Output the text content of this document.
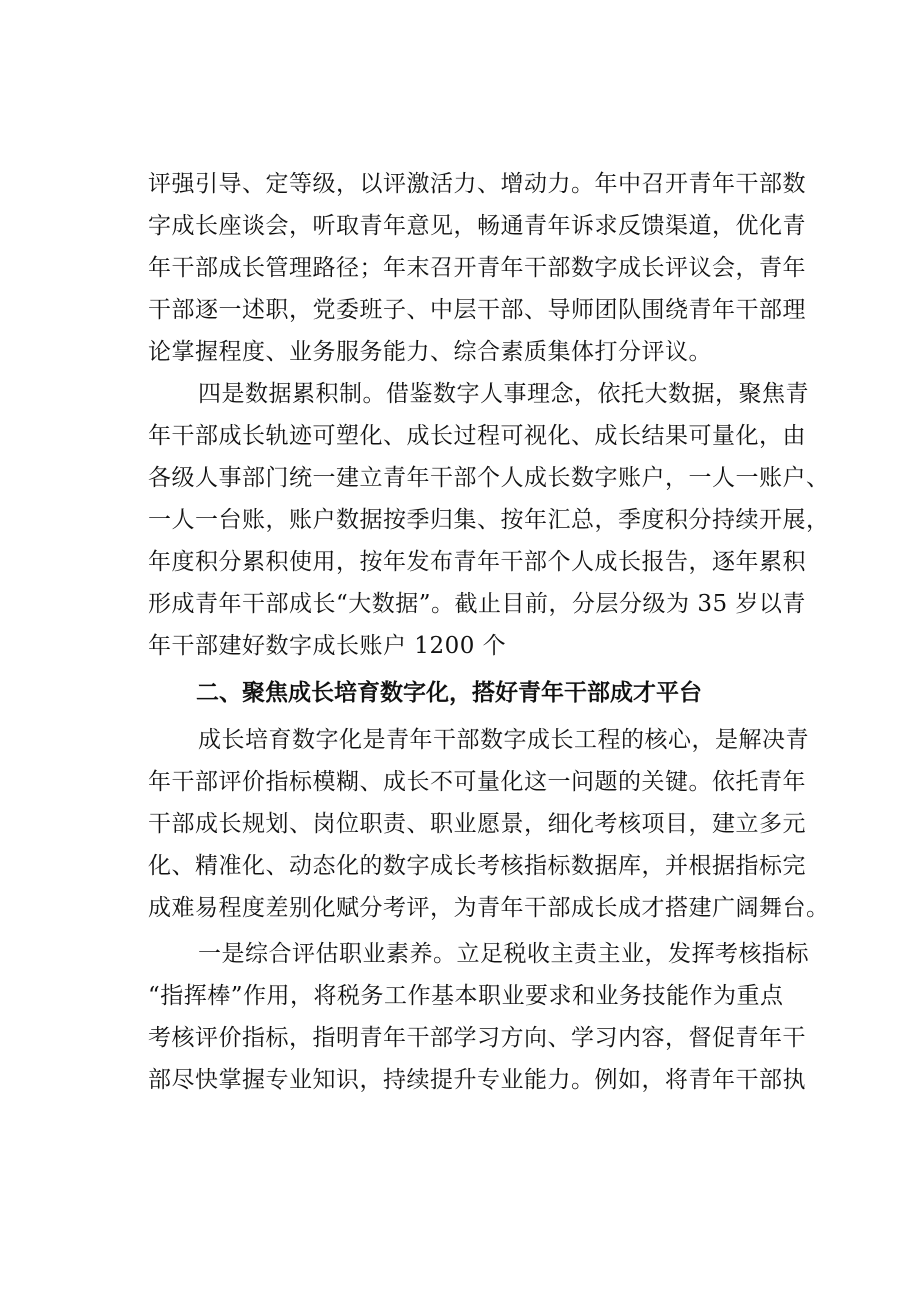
评强引导、定等级，以评激活力、增动力。年中召开青年干部数
字成长座谈会，听取青年意见，畅通青年诉求反馈渠道，优化青
年干部成长管理路径；年末召开青年干部数字成长评议会，青年
干部逐一述职，党委班子、中层干部、导师团队围绕青年干部理
论掌握程度、业务服务能力、综合素质集体打分评议。
四是数据累积制。借鉴数字人事理念，依托大数据，聚焦青
年干部成长轨迹可塑化、成长过程可视化、成长结果可量化，由
各级人事部门统一建立青年干部个人成长数字账户，一人一账户、
一人一台账，账户数据按季归集、按年汇总，季度积分持续开展，
年度积分累积使用，按年发布青年干部个人成长报告，逐年累积
形成青年干部成长“大数据”。截止目前，分层分级为 35 岁以青
年干部建好数字成长账户 1200 个
二、聚焦成长培育数字化，搭好青年干部成才平台
成长培育数字化是青年干部数字成长工程的核心，是解决青
年干部评价指标模糊、成长不可量化这一问题的关键。依托青年
干部成长规划、岗位职责、职业愿景，细化考核项目，建立多元
化、精准化、动态化的数字成长考核指标数据库，并根据指标完
成难易程度差别化赋分考评，为青年干部成长成才搭建广阔舞台。
一是综合评估职业素养。立足税收主责主业，发挥考核指标
“指挥棒”作用，将税务工作基本职业要求和业务技能作为重点
考核评价指标，指明青年干部学习方向、学习内容，督促青年干
部尽快掌握专业知识，持续提升专业能力。例如，将青年干部执
